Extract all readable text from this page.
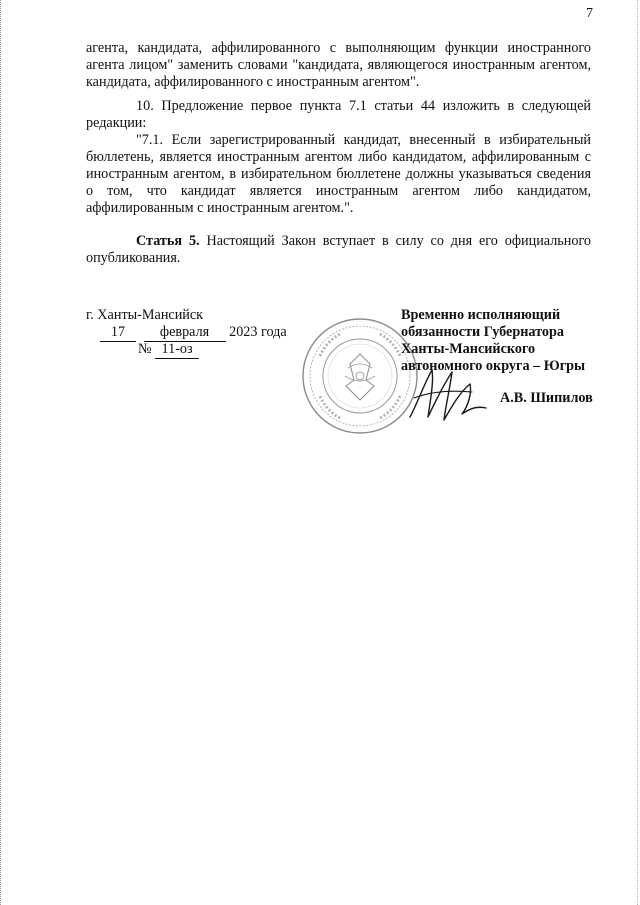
7

агента, кандидата, аффилированного с выполняющим функции иностранного агента лицом" заменить словами "кандидата, являющегося иностранным агентом, кандидата, аффилированного с иностранным агентом".

10. Предложение первое пункта 7.1 статьи 44 изложить в следующей редакции:

"7.1. Если зарегистрированный кандидат, внесенный в избирательный бюллетень, является иностранным агентом либо кандидатом, аффилированным с иностранным агентом, в избирательном бюллетене должны указываться сведения о том, что кандидат является иностранным агентом либо кандидатом, аффилированным с иностранным агентом.".

Статья 5. Настоящий Закон вступает в силу со дня его официального опубликования.

г. Ханты-Мансийск
17 февраля 2023 года
№ 11-оз
Временно исполняющий
обязанности Губернатора
Ханты-Мансийского
автономного округа – Югры
А.В. Шипилов
